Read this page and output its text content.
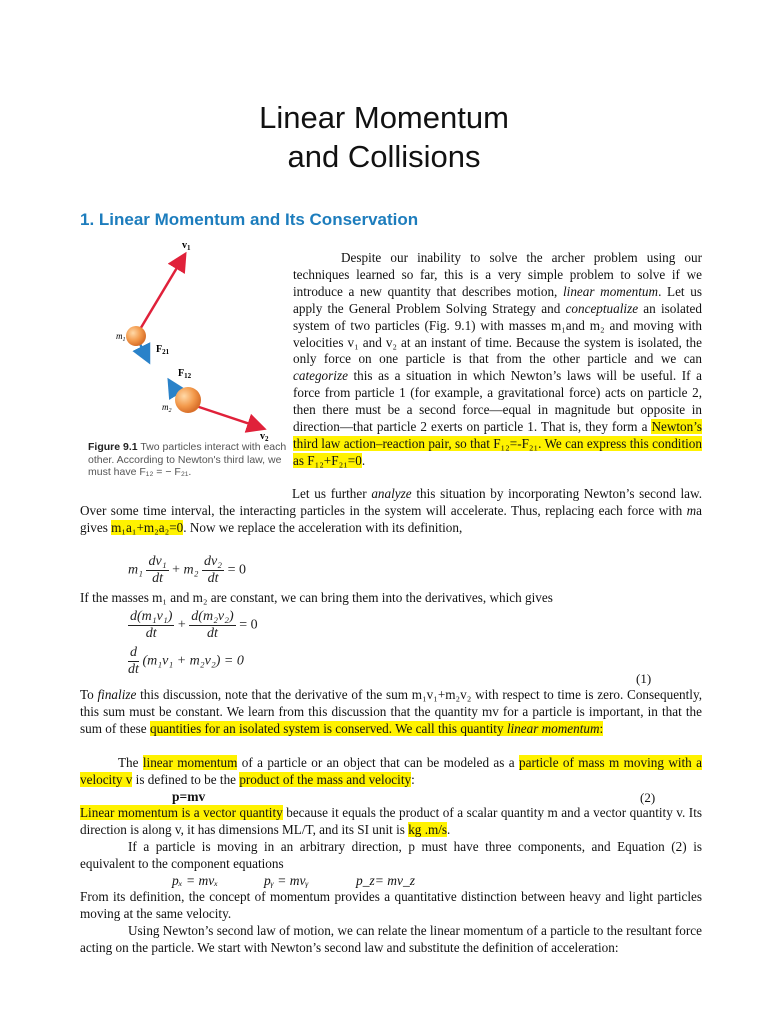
Linear Momentum
and Collisions
1. Linear Momentum and Its Conservation
$v_1$
$m_1$
$F_{21}$
$F_{12}$
$m_2$
$v_2$
Figure 9.1 Two particles interact with each other. According to Newton's third law, we must have F₁₂ = − F₂₁.

Despite our inability to solve the archer problem using our techniques learned so far, this is a very simple problem to solve if we introduce a new quantity that describes motion, linear momentum. Let us apply the General Problem Solving Strategy and conceptualize an isolated system of two particles (Fig. 9.1) with masses m₁and m₂ and moving with velocities v₁ and v₂ at an instant of time. Because the system is isolated, the only force on one particle is that from the other particle and we can categorize this as a situation in which Newton’s laws will be useful. If a force from particle 1 (for example, a gravitational force) acts on particle 2, then there must be a second force—equal in magnitude but opposite in direction—that particle 2 exerts on particle 1. That is, they form a Newton’s third law action–reaction pair, so that F₁₂=-F₂₁. We can express this condition as F₁₂+F₂₁=0.

Let us further analyze this situation by incorporating Newton’s second law. Over some time interval, the interacting particles in the system will accelerate. Thus, replacing each force with ma gives m₁a₁+m₂a₂=0. Now we replace the acceleration with its definition,

$m_1 \frac{\text{dv₁}}{dt} + m_2 \frac{\text{dv₂}}{dt} = 0$

If the masses m₁ and m₂ are constant, we can bring them into the derivatives, which gives

$\frac{\text{d(m₁v₁)}}{dt} + \frac{\text{d(m₂v₂)}}{dt} = 0$
$\frac{d}{dt} (m_1v_1 + m_2v_2) = 0$
(1)

To finalize this discussion, note that the derivative of the sum m₁v₁+m₂v₂ with respect to time is zero. Consequently, this sum must be constant. We learn from this discussion that the quantity mv for a particle is important, in that the sum of these quantities for an isolated system is conserved. We call this quantity linear momentum:

The linear momentum of a particle or an object that can be modeled as a particle of mass m moving with a velocity v is defined to be the product of the mass and velocity:

p=mv	(2)

Linear momentum is a vector quantity because it equals the product of a scalar quantity m and a vector quantity v. Its direction is along v, it has dimensions ML/T, and its SI unit is kg .m/s.

If a particle is moving in an arbitrary direction, p must have three components, and Equation (2) is equivalent to the component equations

pₓ = mvₓ	pᵧ = mvᵧ	p_z= mv_z

From its definition, the concept of momentum provides a quantitative distinction between heavy and light particles moving at the same velocity.

Using Newton’s second law of motion, we can relate the linear momentum of a particle to the resultant force acting on the particle. We start with Newton’s second law and substitute the definition of acceleration:
